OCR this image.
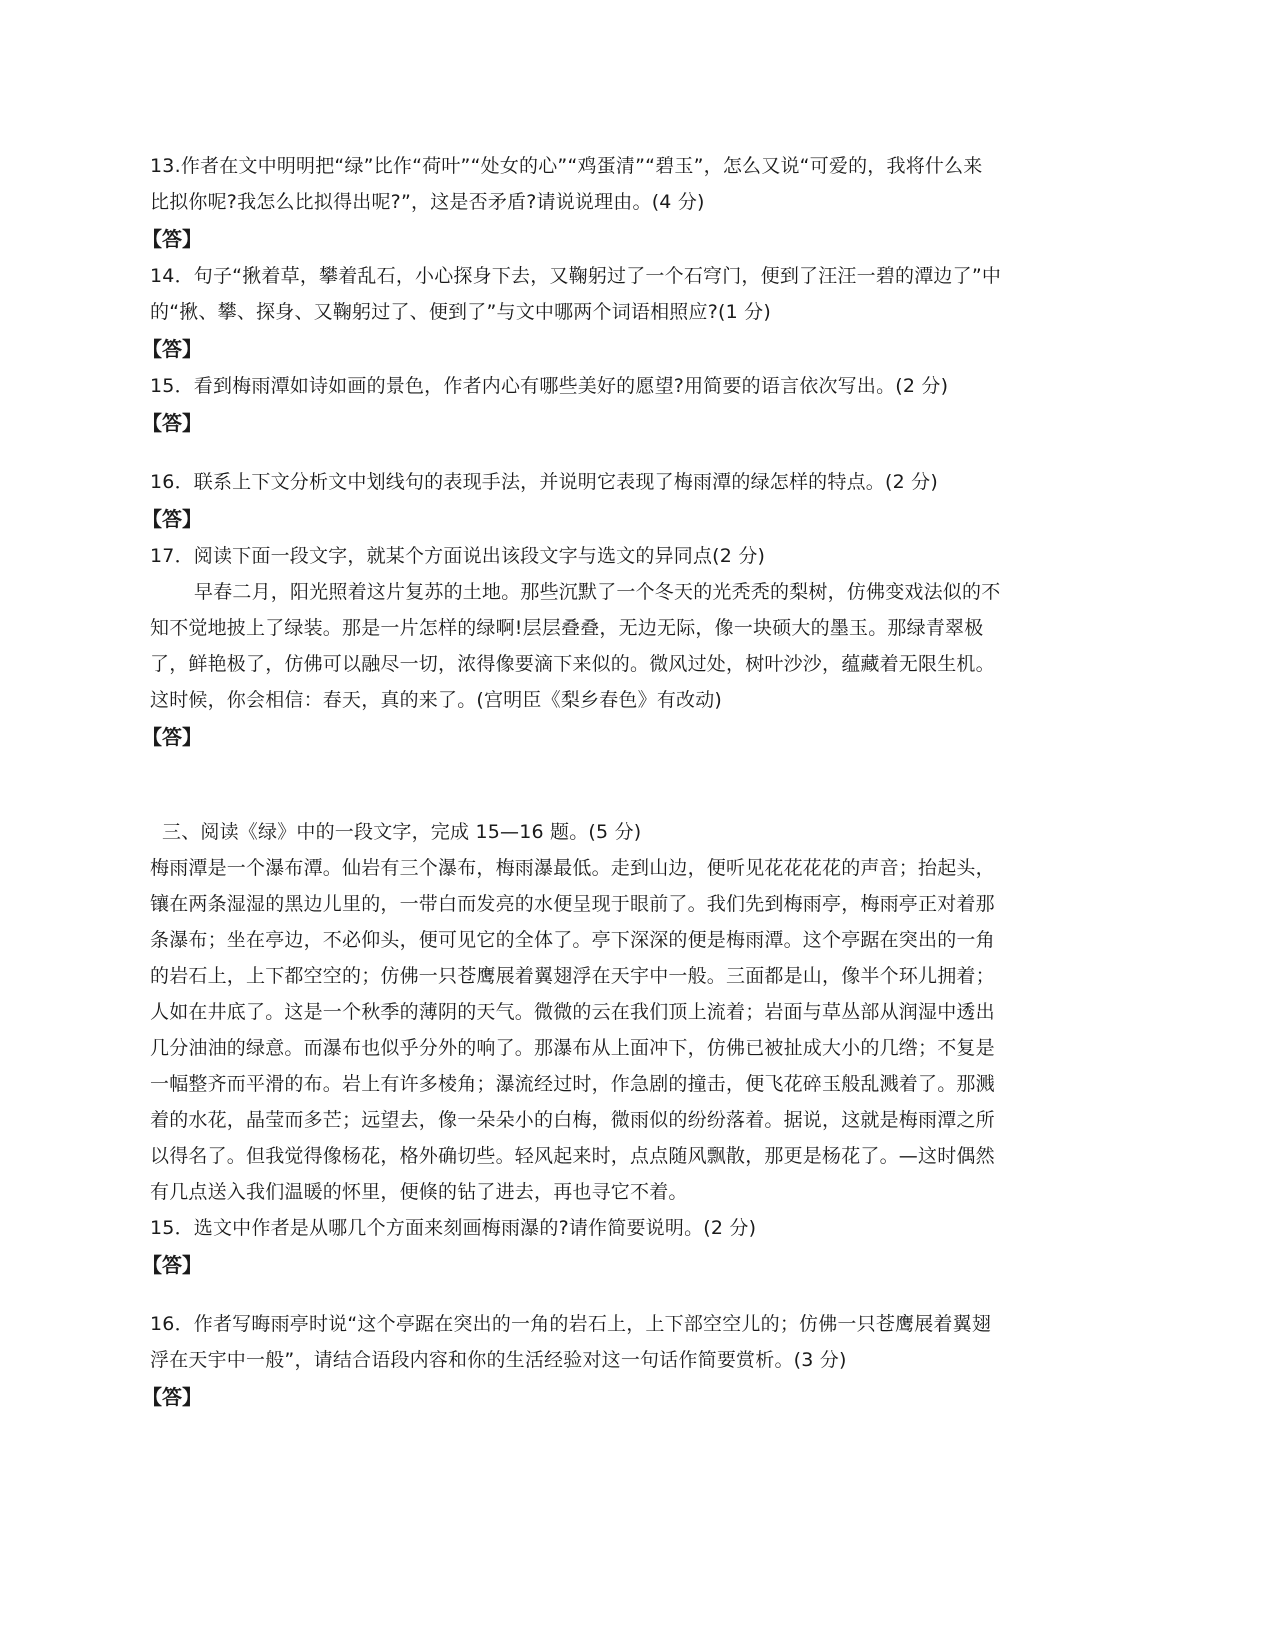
13.作者在文中明明把“绿”比作“荷叶”“处女的心”“鸡蛋清”“碧玉”，怎么又说“可爱的，我将什么来
比拟你呢?我怎么比拟得出呢?”，这是否矛盾?请说说理由。(4 分)
【答】
14．句子“揪着草，攀着乱石，小心探身下去，又鞠躬过了一个石穹门，便到了汪汪一碧的潭边了”中
的“揪、攀、探身、又鞠躬过了、便到了”与文中哪两个词语相照应?(1 分)
【答】
15．看到梅雨潭如诗如画的景色，作者内心有哪些美好的愿望?用简要的语言依次写出。(2 分)
【答】
16．联系上下文分析文中划线句的表现手法，并说明它表现了梅雨潭的绿怎样的特点。(2 分)
【答】
17．阅读下面一段文字，就某个方面说出该段文字与选文的异同点(2 分)
早春二月，阳光照着这片复苏的土地。那些沉默了一个冬天的光秃秃的梨树，仿佛变戏法似的不
知不觉地披上了绿装。那是一片怎样的绿啊!层层叠叠，无边无际，像一块硕大的墨玉。那绿青翠极
了，鲜艳极了，仿佛可以融尽一切，浓得像要滴下来似的。微风过处，树叶沙沙，蕴藏着无限生机。
这时候，你会相信：春天，真的来了。(宫明臣《梨乡春色》有改动)
【答】
三、阅读《绿》中的一段文字，完成 15—16 题。(5 分)
梅雨潭是一个瀑布潭。仙岩有三个瀑布，梅雨瀑最低。走到山边，便听见花花花花的声音；抬起头，
镶在两条湿湿的黑边儿里的，一带白而发亮的水便呈现于眼前了。我们先到梅雨亭，梅雨亭正对着那
条瀑布；坐在亭边，不必仰头，便可见它的全体了。亭下深深的便是梅雨潭。这个亭踞在突出的一角
的岩石上，上下都空空的；仿佛一只苍鹰展着翼翅浮在天宇中一般。三面都是山，像半个环儿拥着；
人如在井底了。这是一个秋季的薄阴的天气。微微的云在我们顶上流着；岩面与草丛部从润湿中透出
几分油油的绿意。而瀑布也似乎分外的响了。那瀑布从上面冲下，仿佛已被扯成大小的几绺；不复是
一幅整齐而平滑的布。岩上有许多棱角；瀑流经过时，作急剧的撞击，便飞花碎玉般乱溅着了。那溅
着的水花，晶莹而多芒；远望去，像一朵朵小的白梅，微雨似的纷纷落着。据说，这就是梅雨潭之所
以得名了。但我觉得像杨花，格外确切些。轻风起来时，点点随风飘散，那更是杨花了。—这时偶然
有几点送入我们温暖的怀里，便倏的钻了进去，再也寻它不着。
15．选文中作者是从哪几个方面来刻画梅雨瀑的?请作简要说明。(2 分)
【答】
16．作者写晦雨亭时说“这个亭踞在突出的一角的岩石上，上下部空空儿的；仿佛一只苍鹰展着翼翅
浮在天宇中一般”，请结合语段内容和你的生活经验对这一句话作简要赏析。(3 分)
【答】
